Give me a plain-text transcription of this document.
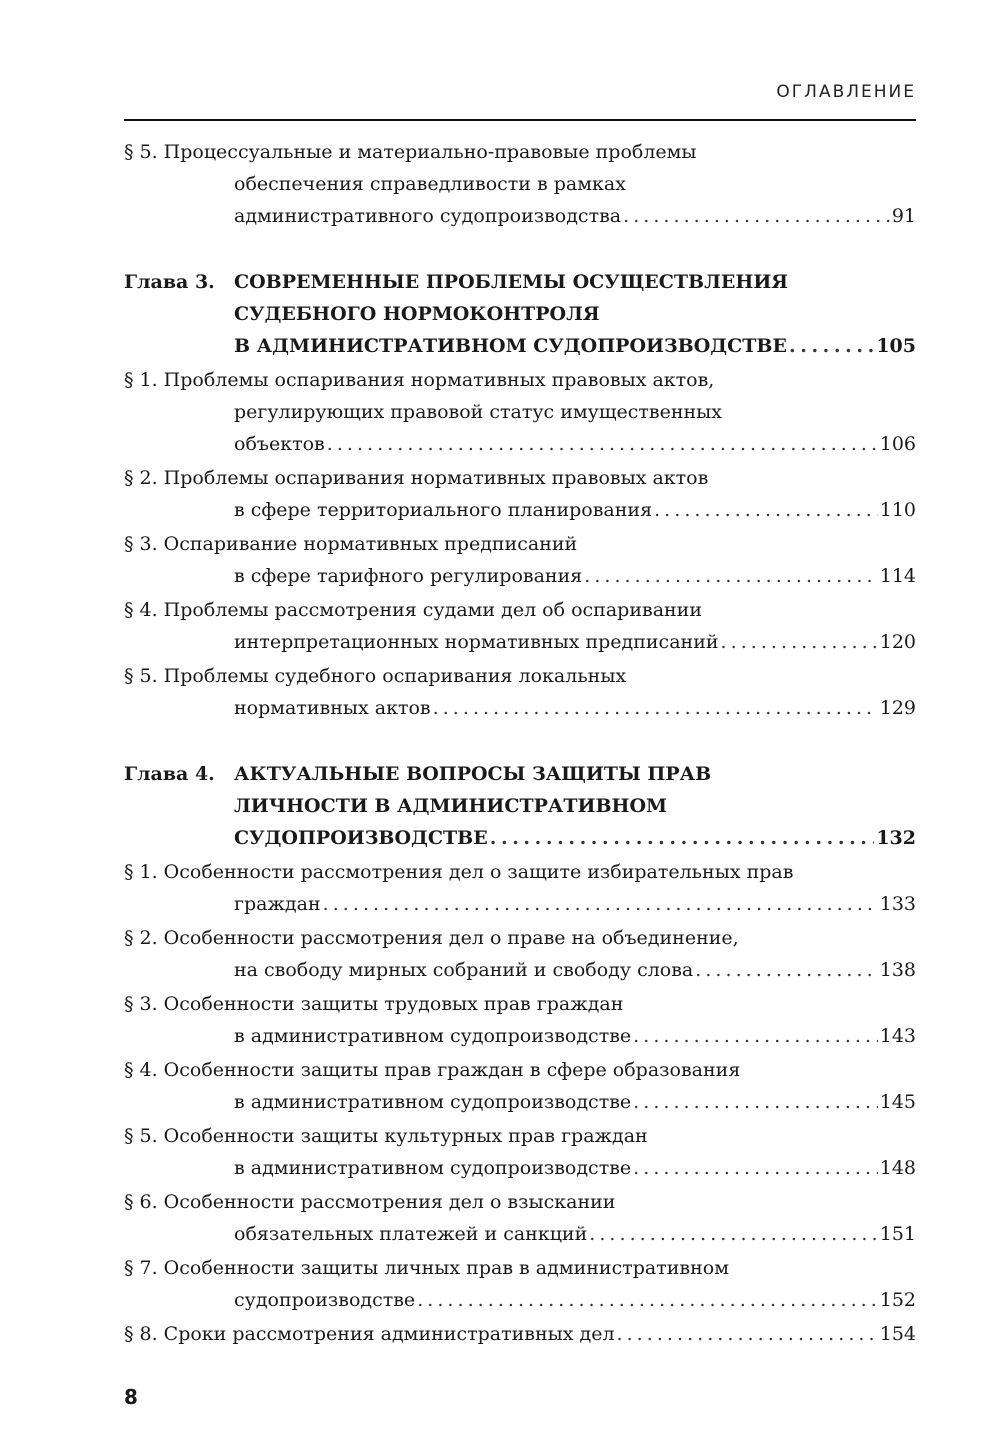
ОГЛАВЛЕНИЕ
§ 5. Процессуальные и материально-правовые проблемы
обеспечения справедливости в рамках
административного судопроизводства . . .	91
Глава 3. СОВРЕМЕННЫЕ ПРОБЛЕМЫ ОСУЩЕСТВЛЕНИЯ
СУДЕБНОГО НОРМОКОНТРОЛЯ
В АДМИНИСТРАТИВНОМ СУДОПРОИЗВОДСТВЕ . . .	105
§ 1. Проблемы оспаривания нормативных правовых актов,
регулирующих правовой статус имущественных
объектов . . .	106
§ 2. Проблемы оспаривания нормативных правовых актов
в сфере территориального планирования . . .	110
§ 3. Оспаривание нормативных предписаний
в сфере тарифного регулирования . . .	114
§ 4. Проблемы рассмотрения судами дел об оспаривании
интерпретационных нормативных предписаний . . .	120
§ 5. Проблемы судебного оспаривания локальных
нормативных актов . . .	129
Глава 4. АКТУАЛЬНЫЕ ВОПРОСЫ ЗАЩИТЫ ПРАВ
ЛИЧНОСТИ В АДМИНИСТРАТИВНОМ
СУДОПРОИЗВОДСТВЕ . . .	132
§ 1. Особенности рассмотрения дел о защите избирательных прав
граждан . . .	133
§ 2. Особенности рассмотрения дел о праве на объединение,
на свободу мирных собраний и свободу слова . . .	138
§ 3. Особенности защиты трудовых прав граждан
в административном судопроизводстве . . .	143
§ 4. Особенности защиты прав граждан в сфере образования
в административном судопроизводстве . . .	145
§ 5. Особенности защиты культурных прав граждан
в административном судопроизводстве . . .	148
§ 6. Особенности рассмотрения дел о взыскании
обязательных платежей и санкций . . .	151
§ 7. Особенности защиты личных прав в административном
судопроизводстве . . .	152
§ 8. Сроки рассмотрения административных дел . . .	154
8
